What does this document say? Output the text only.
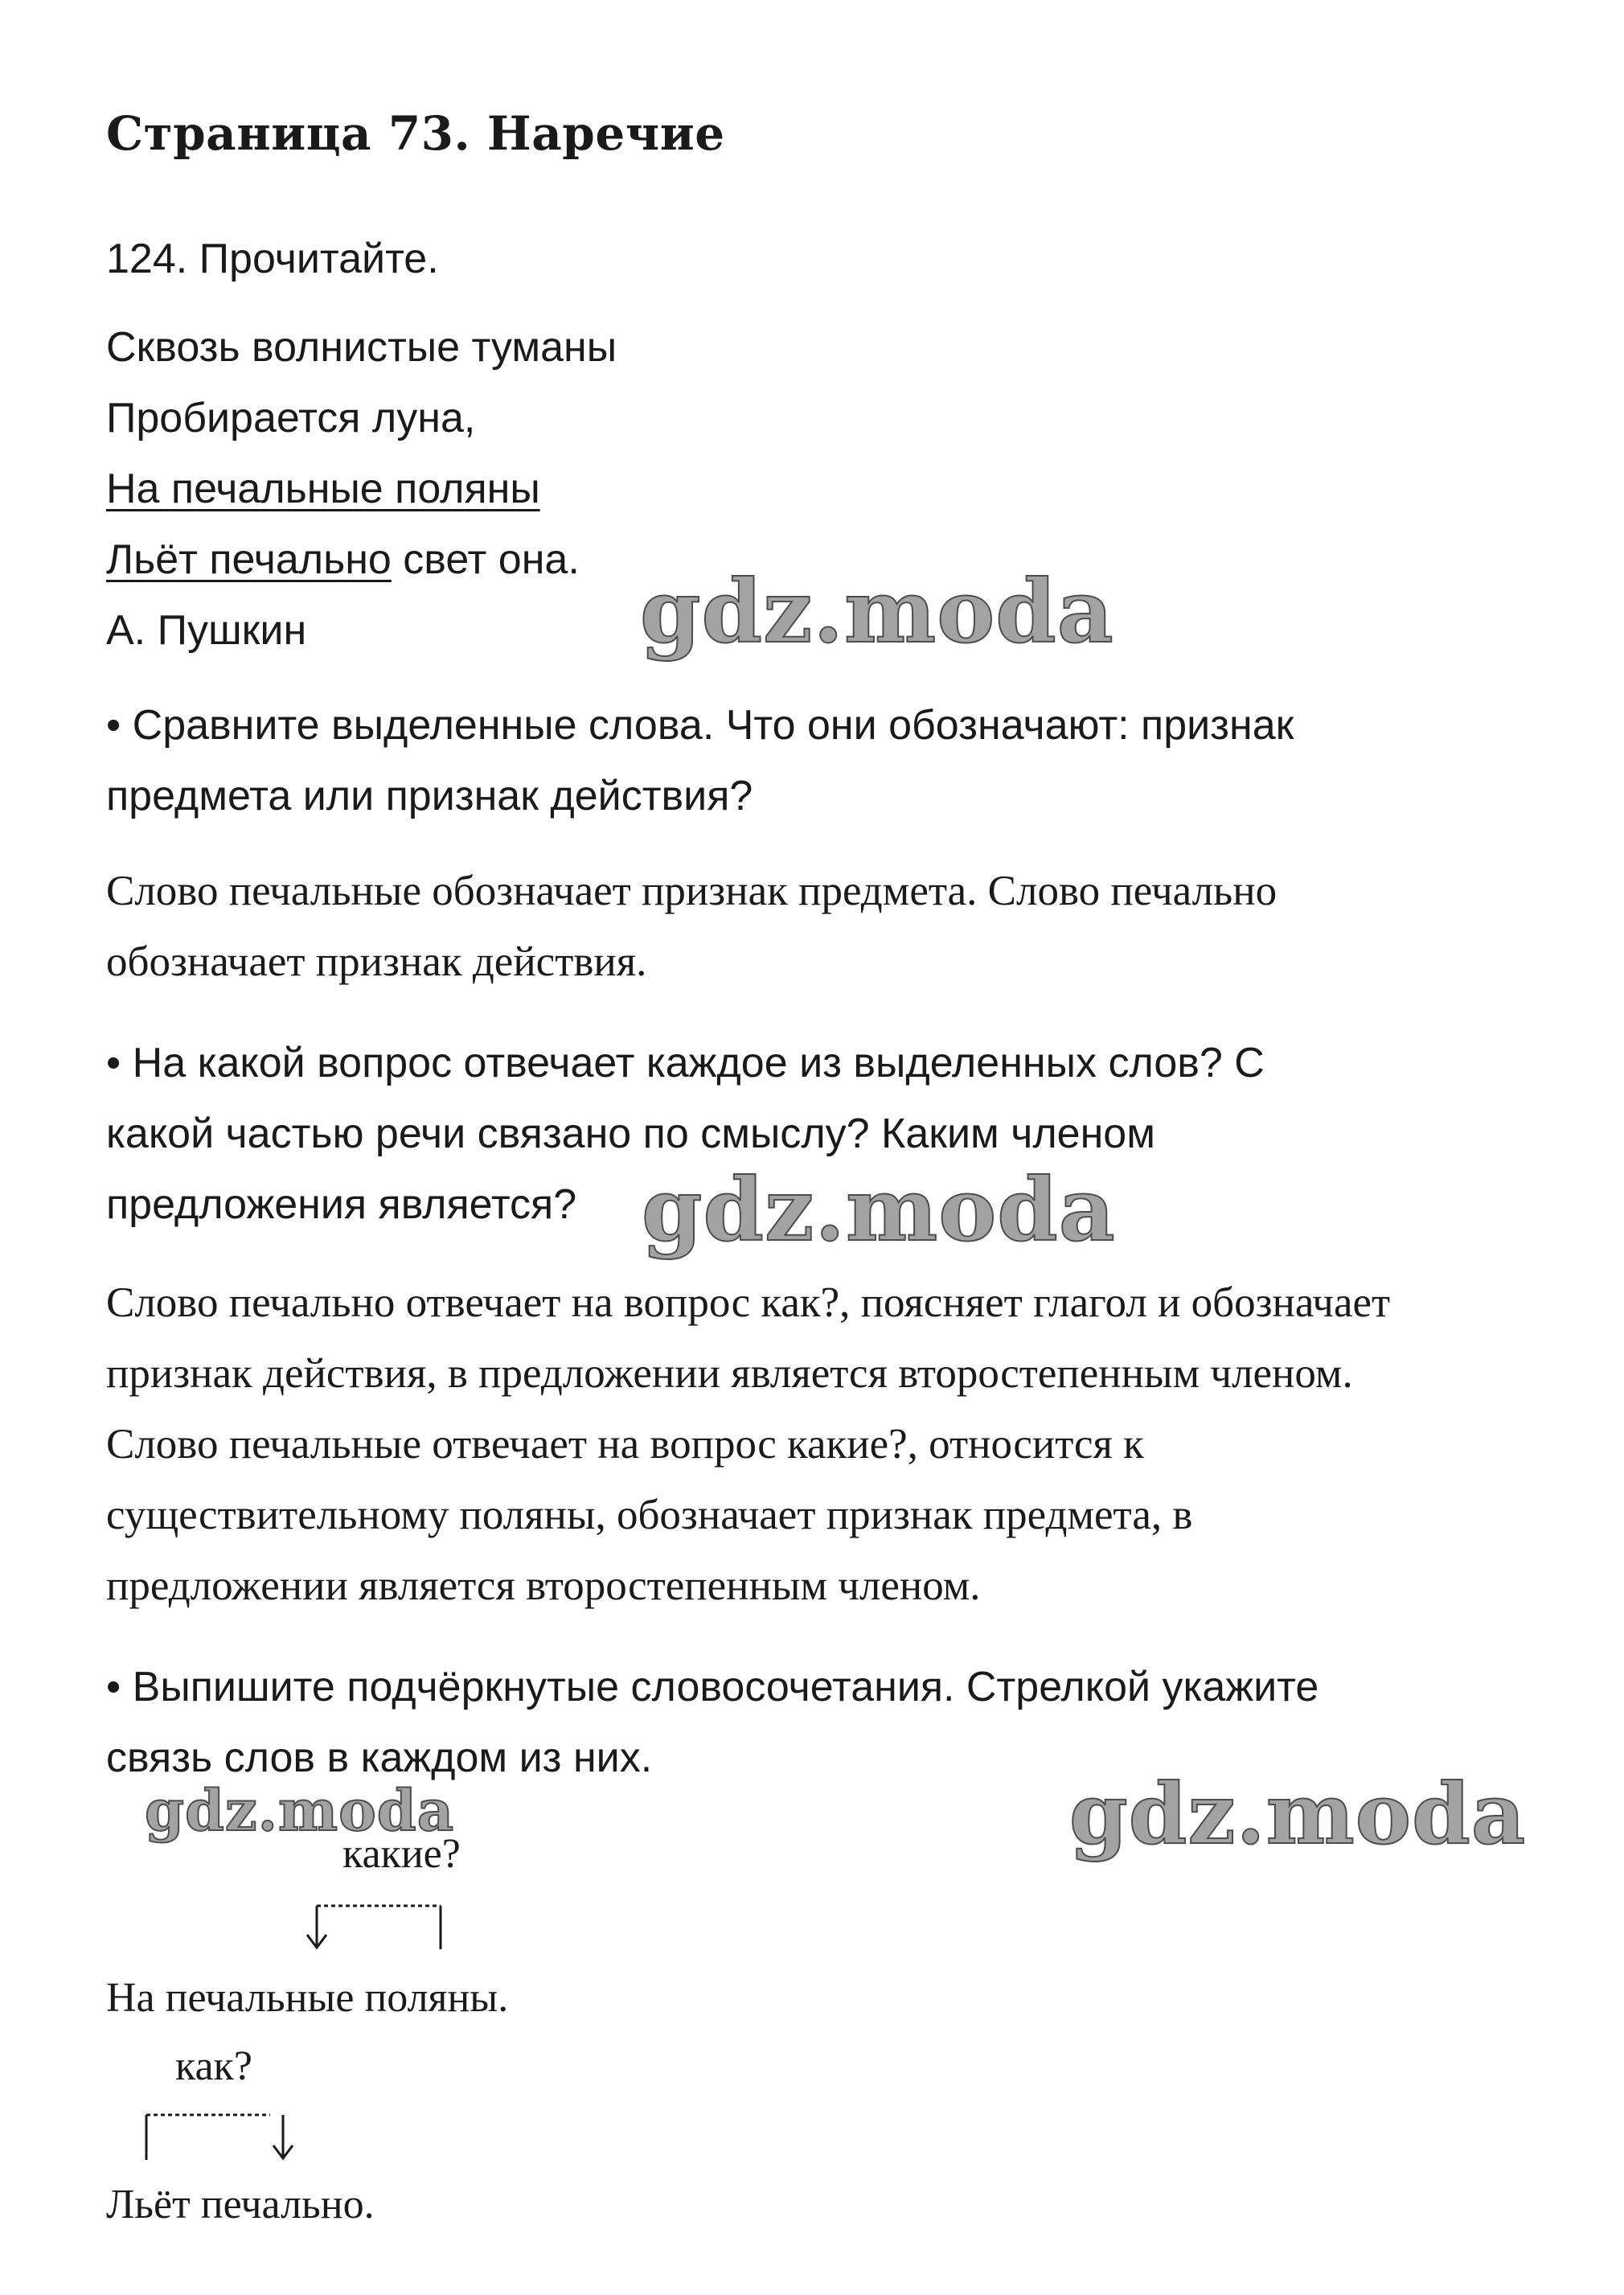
Страница 73. Наречие
124. Прочитайте.
Сквозь волнистые туманы
Пробирается луна,
На печальные поляны
Льёт печально свет она.
А. Пушкин
• Сравните выделенные слова. Что они обозначают: признак
предмета или признак действия?
Слово печальные обозначает признак предмета. Слово печально
обозначает признак действия.
• На какой вопрос отвечает каждое из выделенных слов? С
какой частью речи связано по смыслу? Каким членом
предложения является?
Слово печально отвечает на вопрос как?, поясняет глагол и обозначает
признак действия, в предложении является второстепенным членом.
Слово печальные отвечает на вопрос какие?, относится к
существительному поляны, обозначает признак предмета, в
предложении является второстепенным членом.
• Выпишите подчёркнутые словосочетания. Стрелкой укажите
связь слов в каждом из них.
какие?
На печальные поляны.
как?
Льёт печально.
gdz.moda
gdz.moda
gdz.moda	gdz.moda
